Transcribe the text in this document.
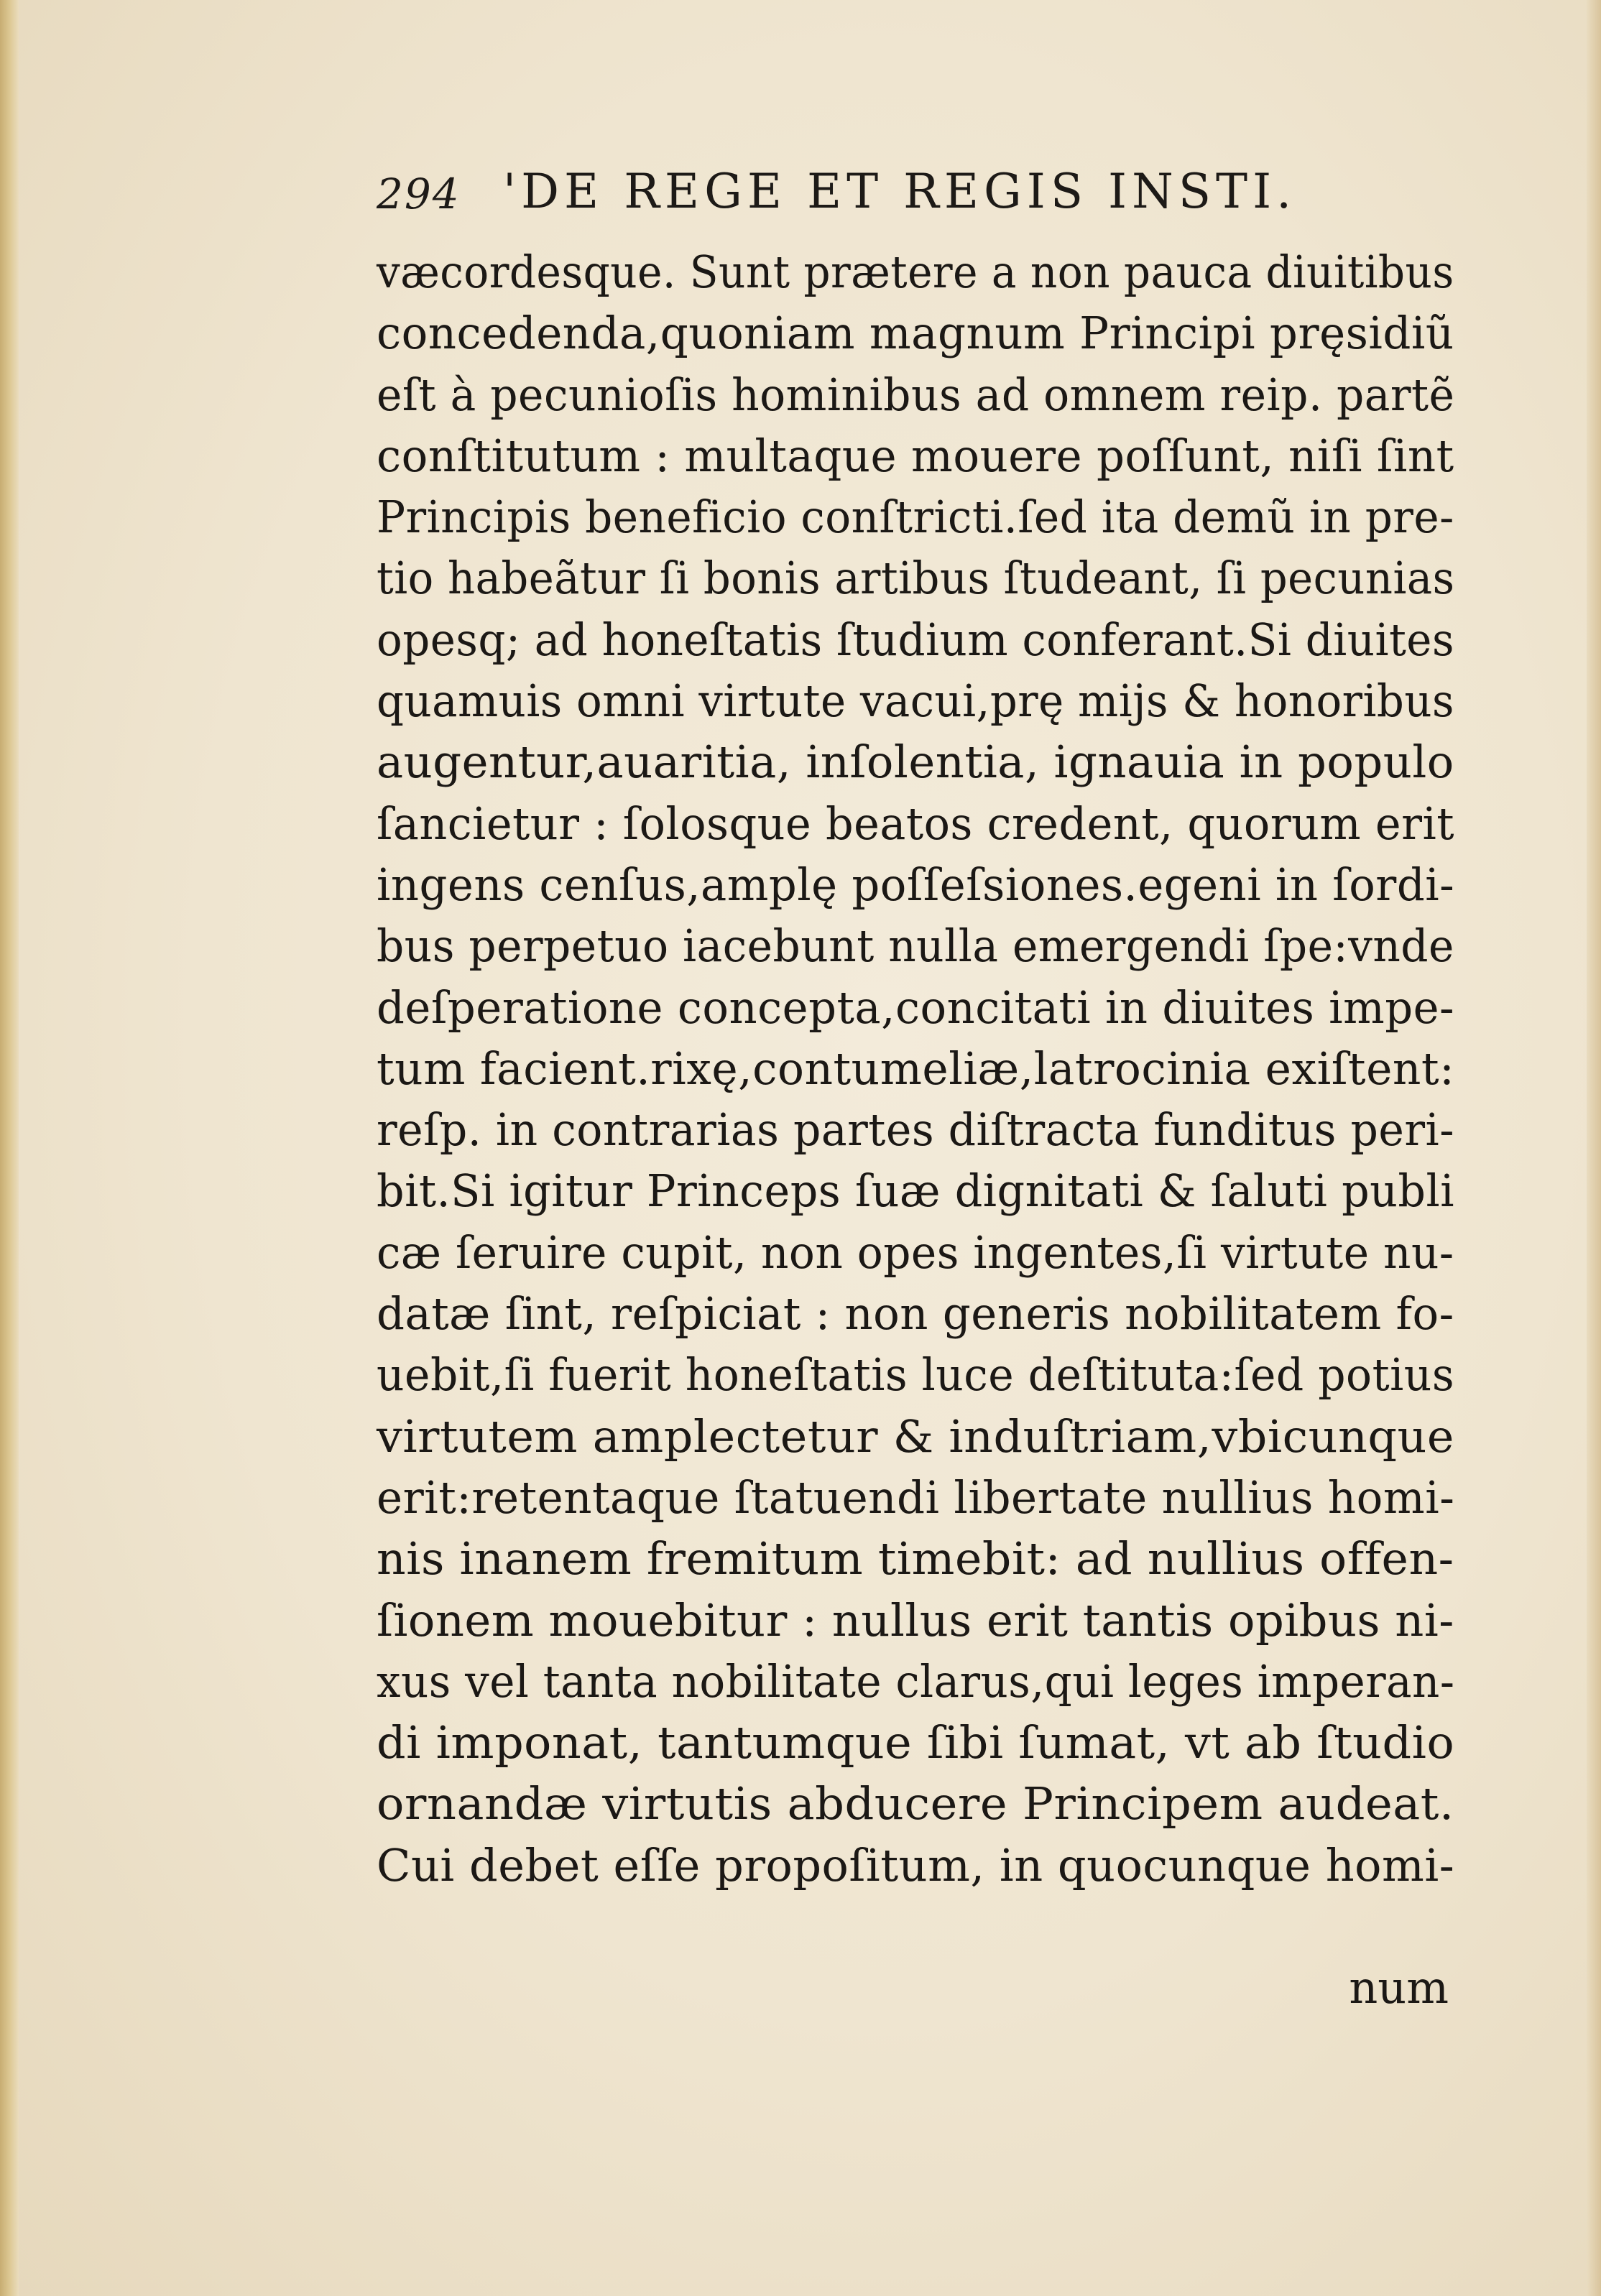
294 'DE REGE ET REGIS INSTI.
væcordesque. Sunt prætere a non pauca diuitibus
concedenda,quoniam magnum Principi pręsidiũ
eſt à pecunioſis hominibus ad omnem reip. partẽ
conſtitutum : multaque mouere poſſunt, niſi ſint
Principis beneficio conſtricti.ſed ita demũ in pre-
tio habeãtur ſi bonis artibus ſtudeant, ſi pecunias
opesq; ad honeſtatis ſtudium conferant.Si diuites
quamuis omni virtute vacui,prę mijs & honoribus
augentur,auaritia, inſolentia, ignauia in populo
ſancietur : ſolosque beatos credent, quorum erit
ingens cenſus,amplę poſſeſsiones.egeni in ſordi-
bus perpetuo iacebunt nulla emergendi ſpe:vnde
deſperatione concepta,concitati in diuites impe-
tum facient.rixę,contumeliæ,latrocinia exiſtent:
reſp. in contrarias partes diſtracta funditus peri-
bit.Si igitur Princeps ſuæ dignitati & ſaluti publi
cæ ſeruire cupit, non opes ingentes,ſi virtute nu-
datæ ſint, reſpiciat : non generis nobilitatem fo-
uebit,ſi fuerit honeſtatis luce deſtituta:ſed potius
virtutem amplectetur & induſtriam,vbicunque
erit:retentaque ſtatuendi libertate nullius homi-
nis inanem fremitum timebit: ad nullius offen-
ſionem mouebitur : nullus erit tantis opibus ni-
xus vel tanta nobilitate clarus,qui leges imperan-
di imponat, tantumque ſibi ſumat, vt ab ſtudio
ornandæ virtutis abducere Principem audeat.
Cui debet eſſe propoſitum, in quocunque homi-
num
